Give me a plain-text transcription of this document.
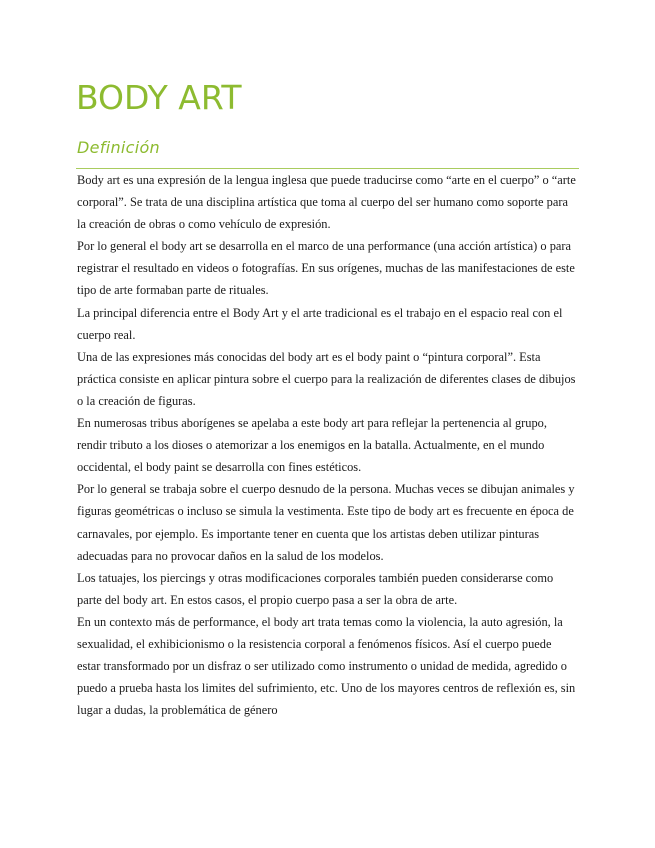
BODY ART
Definición

Body art es una expresión de la lengua inglesa que puede traducirse como “arte en el cuerpo” o “arte corporal”. Se trata de una disciplina artística que toma al cuerpo del ser humano como soporte para la creación de obras o como vehículo de expresión.

Por lo general el body art se desarrolla en el marco de una performance (una acción artística) o para registrar el resultado en videos o fotografías. En sus orígenes, muchas de las manifestaciones de este tipo de arte formaban parte de rituales.

La principal diferencia entre el Body Art y el arte tradicional es el trabajo en el espacio real con el cuerpo real.

Una de las expresiones más conocidas del body art es el body paint o “pintura corporal”. Esta práctica consiste en aplicar pintura sobre el cuerpo para la realización de diferentes clases de dibujos o la creación de figuras.

En numerosas tribus aborígenes se apelaba a este body art para reflejar la pertenencia al grupo, rendir tributo a los dioses o atemorizar a los enemigos en la batalla. Actualmente, en el mundo occidental, el body paint se desarrolla con fines estéticos.

Por lo general se trabaja sobre el cuerpo desnudo de la persona. Muchas veces se dibujan animales y figuras geométricas o incluso se simula la vestimenta. Este tipo de body art es frecuente en época de carnavales, por ejemplo. Es importante tener en cuenta que los artistas deben utilizar pinturas adecuadas para no provocar daños en la salud de los modelos.

Los tatuajes, los piercings y otras modificaciones corporales también pueden considerarse como parte del body art. En estos casos, el propio cuerpo pasa a ser la obra de arte.

En un contexto más de performance, el body art trata temas como la violencia, la auto agresión, la sexualidad, el exhibicionismo o la resistencia corporal a fenómenos físicos. Así el cuerpo puede estar transformado por un disfraz o ser utilizado como instrumento o unidad de medida, agredido o puedo a prueba hasta los limites del sufrimiento, etc. Uno de los mayores centros de reflexión es, sin lugar a dudas, la problemática de género
